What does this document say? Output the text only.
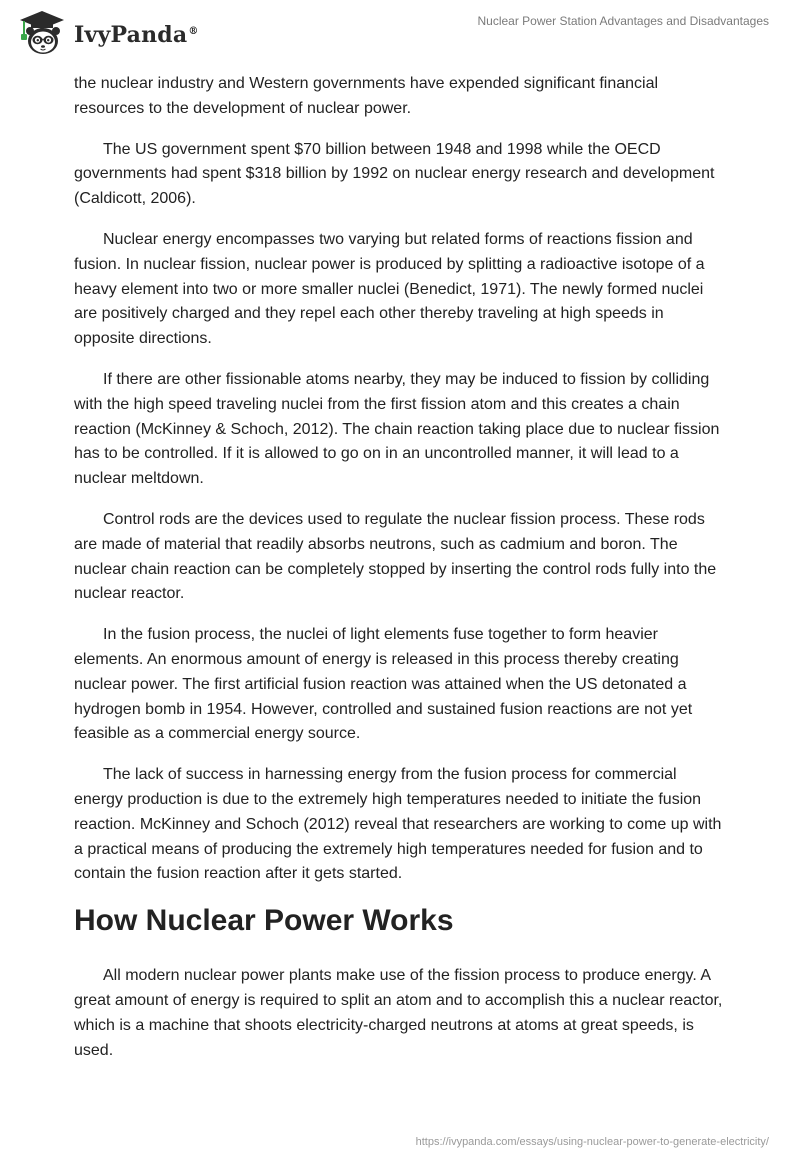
IvyPanda®
Nuclear Power Station Advantages and Disadvantages

the nuclear industry and Western governments have expended significant financial resources to the development of nuclear power.

The US government spent $70 billion between 1948 and 1998 while the OECD governments had spent $318 billion by 1992 on nuclear energy research and development (Caldicott, 2006).

Nuclear energy encompasses two varying but related forms of reactions fission and fusion. In nuclear fission, nuclear power is produced by splitting a radioactive isotope of a heavy element into two or more smaller nuclei (Benedict, 1971). The newly formed nuclei are positively charged and they repel each other thereby traveling at high speeds in opposite directions.

If there are other fissionable atoms nearby, they may be induced to fission by colliding with the high speed traveling nuclei from the first fission atom and this creates a chain reaction (McKinney & Schoch, 2012). The chain reaction taking place due to nuclear fission has to be controlled. If it is allowed to go on in an uncontrolled manner, it will lead to a nuclear meltdown.

Control rods are the devices used to regulate the nuclear fission process. These rods are made of material that readily absorbs neutrons, such as cadmium and boron. The nuclear chain reaction can be completely stopped by inserting the control rods fully into the nuclear reactor.

In the fusion process, the nuclei of light elements fuse together to form heavier elements. An enormous amount of energy is released in this process thereby creating nuclear power. The first artificial fusion reaction was attained when the US detonated a hydrogen bomb in 1954. However, controlled and sustained fusion reactions are not yet feasible as a commercial energy source.

The lack of success in harnessing energy from the fusion process for commercial energy production is due to the extremely high temperatures needed to initiate the fusion reaction. McKinney and Schoch (2012) reveal that researchers are working to come up with a practical means of producing the extremely high temperatures needed for fusion and to contain the fusion reaction after it gets started.

How Nuclear Power Works

All modern nuclear power plants make use of the fission process to produce energy. A great amount of energy is required to split an atom and to accomplish this a nuclear reactor, which is a machine that shoots electricity-charged neutrons at atoms at great speeds, is used.

https://ivypanda.com/essays/using-nuclear-power-to-generate-electricity/
